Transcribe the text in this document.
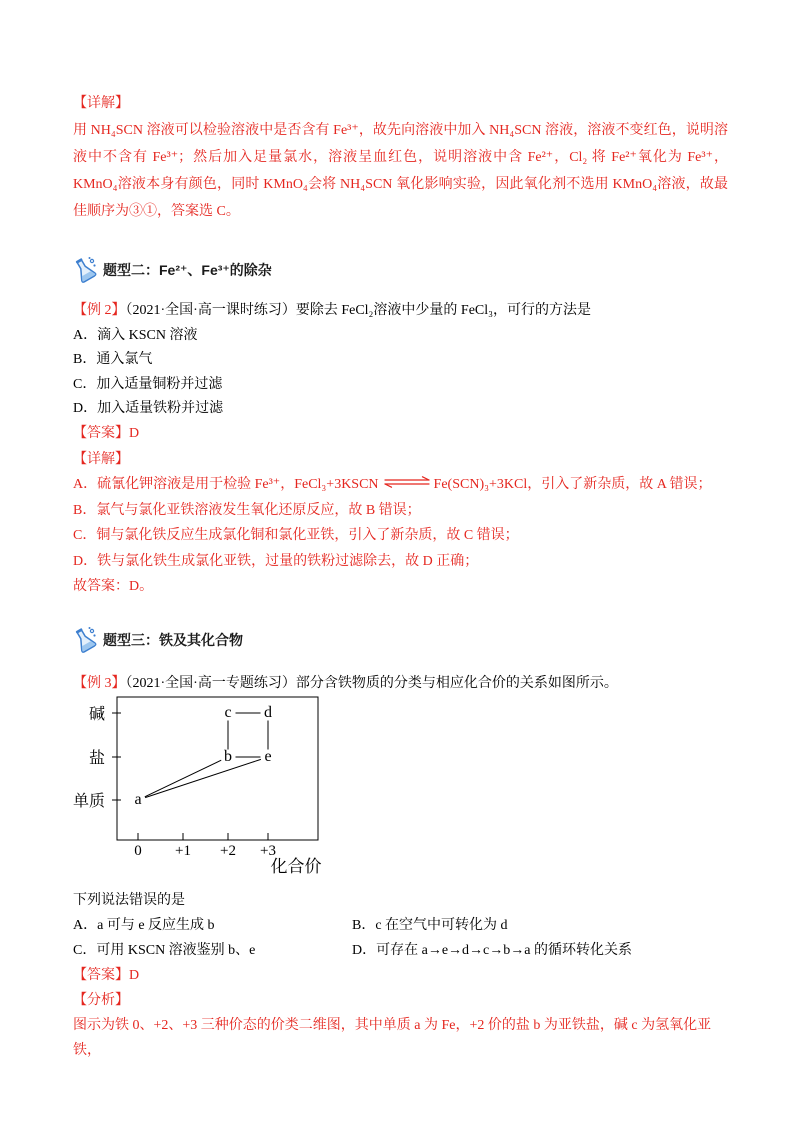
【详解】

用 NH₄SCN 溶液可以检验溶液中是否含有 Fe³⁺，故先向溶液中加入 NH₄SCN 溶液，溶液不变红色，说明溶液中不含有 Fe³⁺；然后加入足量氯水，溶液呈血红色，说明溶液中含 Fe²⁺，Cl₂ 将 Fe²⁺氧化为 Fe³⁺，KMnO₄溶液本身有颜色，同时 KMnO₄会将 NH₄SCN 氧化影响实验，因此氧化剂不选用 KMnO₄溶液，故最佳顺序为③①，答案选 C。

题型二：Fe²⁺、Fe³⁺的除杂

【例 2】（2021·全国·高一课时练习）要除去 FeCl₂溶液中少量的 FeCl₃，可行的方法是

A．滴入 KSCN 溶液

B．通入氯气

C．加入适量铜粉并过滤

D．加入适量铁粉并过滤

【答案】D

【详解】

A．硫氰化钾溶液是用于检验 Fe³⁺，FeCl₃+3KSCN ⇌ Fe(SCN)₃+3KCl，引入了新杂质，故 A 错误；

B．氯气与氯化亚铁溶液发生氧化还原反应，故 B 错误；

C．铜与氯化铁反应生成氯化铜和氯化亚铁，引入了新杂质，故 C 错误；

D．铁与氯化铁生成氯化亚铁，过量的铁粉过滤除去，故 D 正确；

故答案：D。

题型三：铁及其化合物

【例 3】（2021·全国·高一专题练习）部分含铁物质的分类与相应化合价的关系如图所示。

碱
盐
单质
0 +1 +2 +3
化合价
a
b
c d
e

下列说法错误的是

A．a 可与 e 反应生成 b	B．c 在空气中可转化为 d

C．可用 KSCN 溶液鉴别 b、e	D．可存在 a→e→d→c→b→a 的循环转化关系

【答案】D

【分析】

图示为铁 0、+2、+3 三种价态的价类二维图，其中单质 a 为 Fe，+2 价的盐 b 为亚铁盐，碱 c 为氢氧化亚铁，
